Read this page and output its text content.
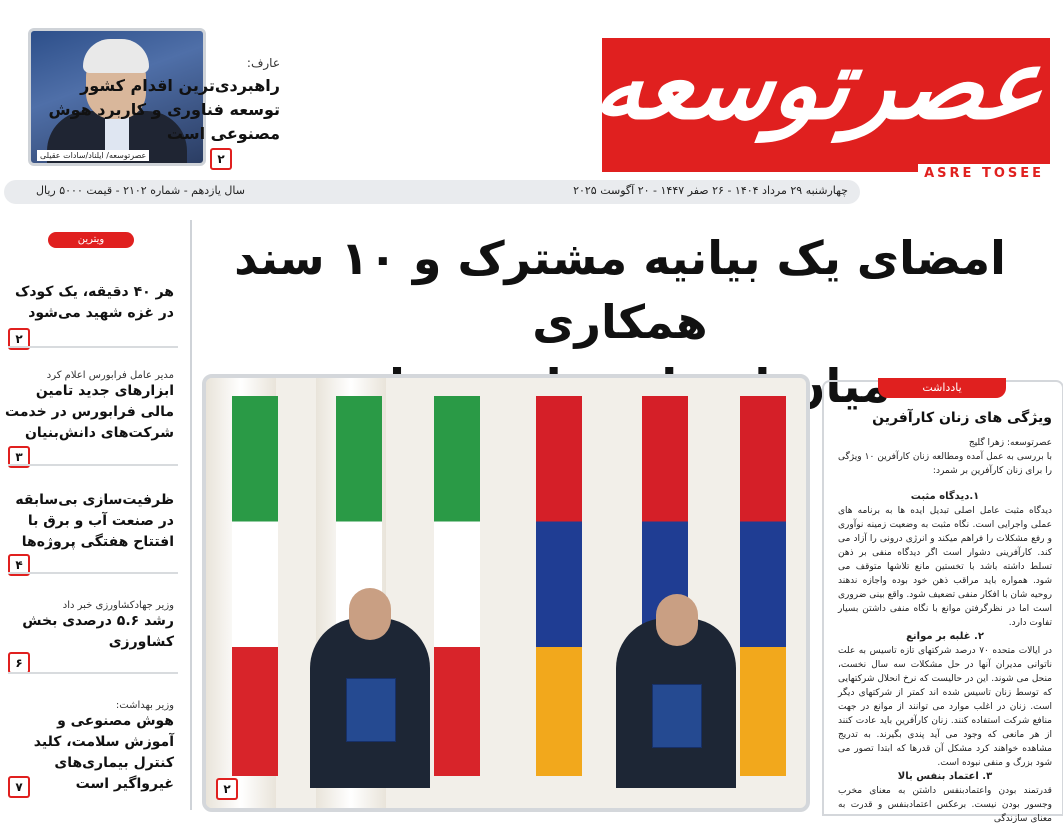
عصرتوسعه
ASRE TOSEE
عصرتوسعه/ ایلناد/سادات عقیلی
عارف:
راهبردی‌ترین اقدام کشور توسعه فناوری و کاربرد هوش مصنوعی است
۲
چهارشنبه ۲۹ مرداد ۱۴۰۴ - ۲۶ صفر ۱۴۴۷ - ۲۰ آگوست ۲۰۲۵
سال یازدهم - شماره ۲۱۰۲ - قیمت ۵۰۰۰ ریال
امضای یک بیانیه مشترک و ۱۰ سند همکاری
میان
۲
ویترین
هر ۴۰ دقیقه، یک کودک در غزه شهید می‌شود
۲
مدیر عامل فرابورس اعلام کرد
ابزارهای جدید تامین مالی فرابورس در خدمت شرکت‌های دانش‌بنیان
۳
ظرفیت‌سازی بی‌سابقه در صنعت آب و برق با افتتاح هفتگی پروژه‌ها
۴
وزیر جهادکشاورزی خبر داد
رشد ۵.۶ درصدی بخش کشاورزی
۶
وزیر بهداشت:
هوش مصنوعی و آموزش سلامت، کلید کنترل بیماری‌های غیرواگیر است
۷
یادداشت
ویژگی های زنان کارآفرین
عصرتوسعه: زهرا گلیج
با بررسی به عمل آمده ومطالعه زنان کارآفرین ۱۰ ویژگی را برای زنان کارآفرین بر شمرد:
۱.دیدگاه مثبت
دیدگاه مثبت عامل اصلی تبدیل ایده ها به برنامه های عملی واجرایی است. نگاه مثبت به وضعیت زمینه نوآوری و رفع مشکلات را فراهم میکند و انرژی درونی را آزاد می کند. کارآفرینی دشوار است اگر دیدگاه منفی بر ذهن تسلط داشته باشد با تخستین مانع تلاشها متوقف می شود. همواره باید مراقب ذهن خود بوده واجازه ندهند روحیه شان با افکار منفی تضعیف شود. واقع بینی ضروری است اما در نظرگرفتن موانع با نگاه منفی داشتن بسیار تفاوت دارد.
۲. غلبه بر موانع
در ایالات متحده ۷۰ درصد شرکتهای تازه تاسیس به علت ناتوانی مدیران آنها در حل مشکلات سه سال نخست، منحل می شوند. این در حالیست که نرخ انحلال شرکتهایی که توسط زنان تاسیس شده اند کمتر از شرکتهای دیگر است. زنان در اغلب موارد می توانند از موانع در جهت منافع شرکت استفاده کنند. زنان کارآفرین باید عادت کنند از هر مانعی که وجود می آید پندی بگیرند. به تدریج مشاهده خواهند کرد مشکل آن قدرها که ابتدا تصور می شود بزرگ و منفی نبوده است.
۳. اعتماد بنفس بالا
قدرتمند بودن واعتمادبنفس داشتن به معنای مخرب وجسور بودن نیست. برعکس اعتمادبنفس و قدرت به معنای سازندگی
